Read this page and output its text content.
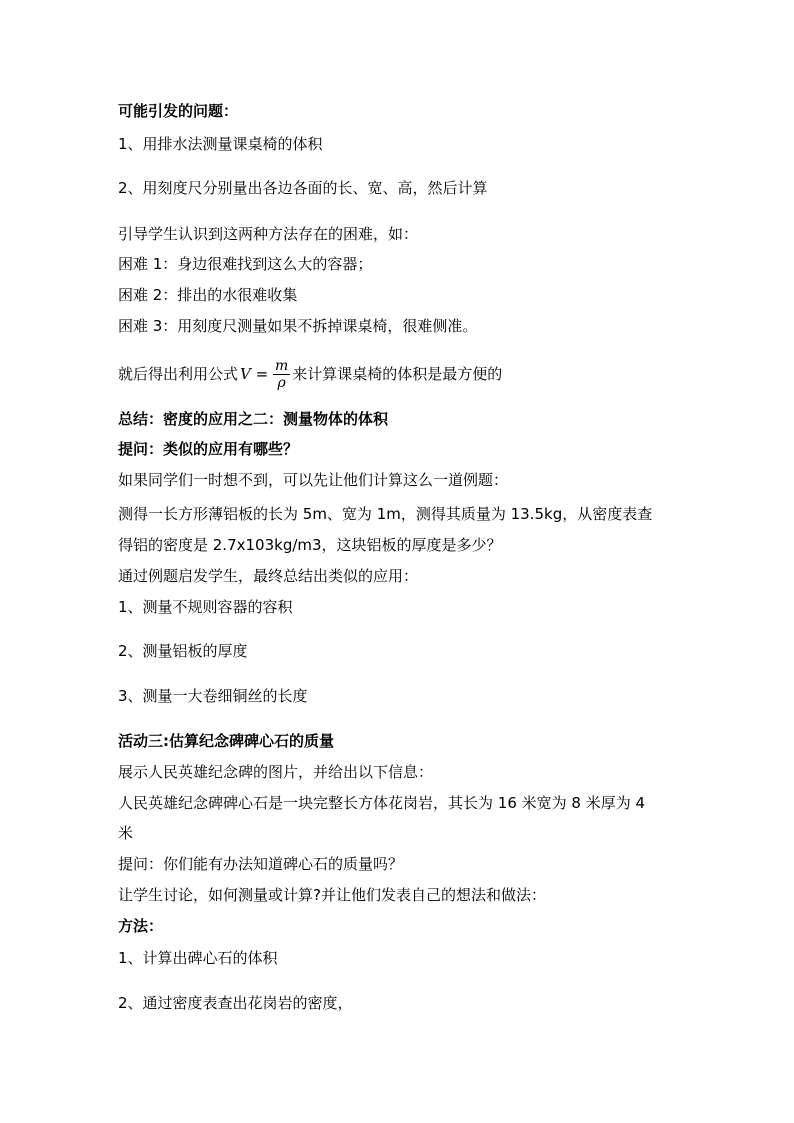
可能引发的问题：
1、用排水法测量课桌椅的体积
2、用刻度尺分别量出各边各面的长、宽、高，然后计算
引导学生认识到这两种方法存在的困难，如：
困难 1：身边很难找到这么大的容器；
困难 2：排出的水很难收集
困难 3：用刻度尺测量如果不拆掉课桌椅，很难侧准。
就后得出利用公式 $V = \frac{m}{\rho}$ 来计算课桌椅的体积是最方便的
总结：密度的应用之二：测量物体的体积
提问：类似的应用有哪些？
如果同学们一时想不到，可以先让他们计算这么一道例题：
测得一长方形薄铝板的长为 5m、宽为 1m，测得其质量为 13.5kg，从密度表查
得铝的密度是 2.7x103kg/m3，这块铝板的厚度是多少？
通过例题启发学生，最终总结出类似的应用：
1、测量不规则容器的容积
2、测量铝板的厚度
3、测量一大卷细铜丝的长度
活动三:估算纪念碑碑心石的质量
展示人民英雄纪念碑的图片，并给出以下信息：
人民英雄纪念碑碑心石是一块完整长方体花岗岩，其长为 16 米宽为 8 米厚为 4
米
提问：你们能有办法知道碑心石的质量吗？
让学生讨论，如何测量或计算?并让他们发表自己的想法和做法：
方法：
1、计算出碑心石的体积
2、通过密度表查出花岗岩的密度，
